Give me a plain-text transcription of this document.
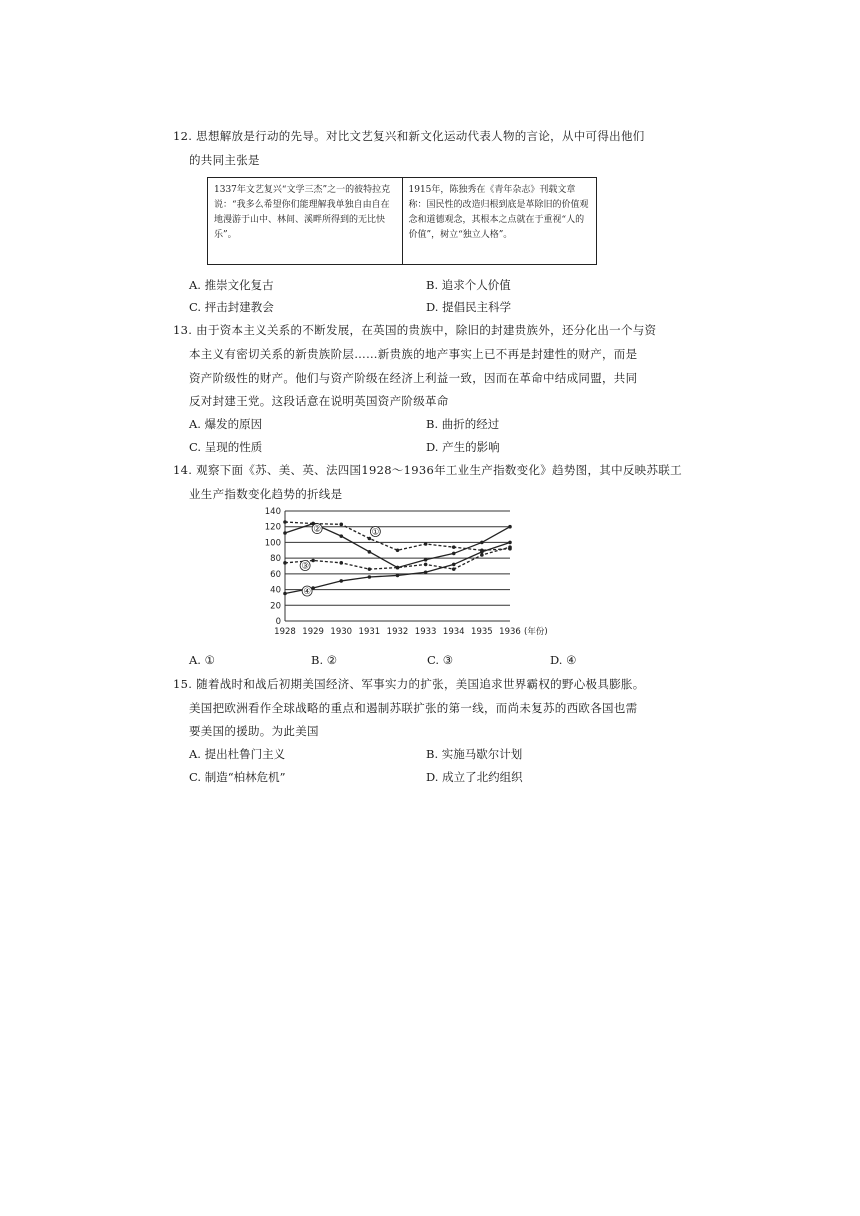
12. 思想解放是行动的先导。对比文艺复兴和新文化运动代表人物的言论，从中可得出他们
的共同主张是
1337年文艺复兴“文学三杰”之一的彼特拉克说：“我多么希望你们能理解我单独自由自在地漫游于山中、林间、溪畔所得到的无比快乐”。
1915年，陈独秀在《青年杂志》刊载文章称：国民性的改造归根到底是革除旧的价值观念和道德观念，其根本之点就在于重视“人的价值”，树立“独立人格”。
A. 推崇文化复古	B. 追求个人价值
C. 抨击封建教会	D. 提倡民主科学
13. 由于资本主义关系的不断发展，在英国的贵族中，除旧的封建贵族外，还分化出一个与资
本主义有密切关系的新贵族阶层……新贵族的地产事实上已不再是封建性的财产，而是
资产阶级性的财产。他们与资产阶级在经济上利益一致，因而在革命中结成同盟，共同
反对封建王党。这段话意在说明英国资产阶级革命
A. 爆发的原因	B. 曲折的经过
C. 呈现的性质	D. 产生的影响
14. 观察下面《苏、美、英、法四国1928～1936年工业生产指数变化》趋势图，其中反映苏联工
业生产指数变化趋势的折线是
0
20
40
60
80
100
120
140
1928 1929 1930 1931 1932 1933 1934 1935 1936 (年份)
①
②
③
④
A. ①	B. ②	C. ③	D. ④
15. 随着战时和战后初期美国经济、军事实力的扩张，美国追求世界霸权的野心极具膨胀。
美国把欧洲看作全球战略的重点和遏制苏联扩张的第一线，而尚未复苏的西欧各国也需
要美国的援助。为此美国
A. 提出杜鲁门主义	B. 实施马歇尔计划
C. 制造“柏林危机”	D. 成立了北约组织
